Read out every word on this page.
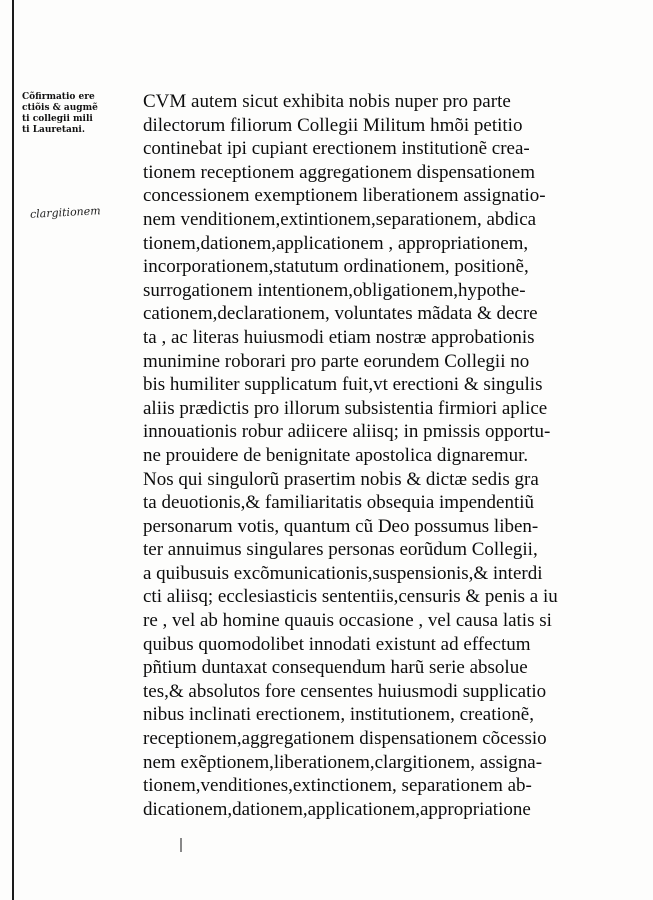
Cõfirmatio ere
ctiõis & augmẽ
ti collegii mili
ti Lauretani.
clargitionem
CVM autem sicut exhibita nobis nuper pro parte
dilectorum filiorum Collegii Militum hmõi petitio
continebat ipi cupiant erectionem institutionẽ crea-
tionem receptionem aggregationem dispensationem
concessionem exemptionem liberationem assignatio-
nem venditionem,extintionem,separationem, abdica
tionem,dationem,applicationem , appropriationem,
incorporationem,statutum ordinationem, positionẽ,
surrogationem intentionem,obligationem,hypothe-
cationem,declarationem, voluntates mãdata & decre
ta , ac literas huiusmodi etiam nostræ approbationis
munimine roborari pro parte eorundem Collegii no
bis humiliter supplicatum fuit,vt erectioni & singulis
aliis prædictis pro illorum subsistentia firmiori aplice
innouationis robur adiicere aliisq; in pmissis opportu-
ne prouidere de benignitate apostolica dignaremur.
Nos qui singulorũ prasertim nobis & dictæ sedis gra
ta deuotionis,& familiaritatis obsequia impendentiũ
personarum votis, quantum cũ Deo possumus liben-
ter annuimus singulares personas eorũdum Collegii,
a quibusuis excõmunicationis,suspensionis,& interdi
cti aliisq; ecclesiasticis sententiis,censuris & penis a iu
re , vel ab homine quauis occasione , vel causa latis si
quibus quomodolibet innodati existunt ad effectum
pñtium duntaxat consequendum harũ serie absolue
tes,& absolutos fore censentes huiusmodi supplicatio
nibus inclinati erectionem, institutionem, creationẽ,
receptionem,aggregationem dispensationem cõcessio
nem exẽptionem,liberationem,clargitionem, assigna-
tionem,venditiones,extinctionem, separationem ab-
dicationem,dationem,applicationem,appropriatione
